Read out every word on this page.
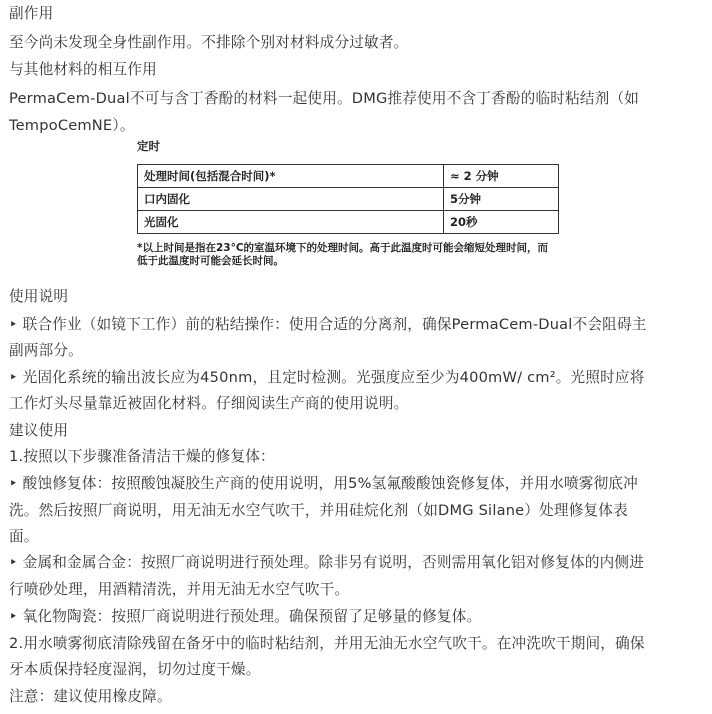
副作用
至今尚未发现全身性副作用。不排除个别对材料成分过敏者。
与其他材料的相互作用
PermaCem-Dual不可与含丁香酚的材料一起使用。DMG推荐使用不含丁香酚的临时粘结剂（如
TempoCemNE）。
定时
处理时间(包括混合时间)*	≈ 2 分钟
口内固化	5分钟
光固化	20秒
*以上时间是指在23°C的室温环境下的处理时间。高于此温度时可能会缩短处理时间，而
低于此温度时可能会延长时间。
使用说明
‣ 联合作业（如镜下工作）前的粘结操作：使用合适的分离剂，确保PermaCem-Dual不会阻碍主
副两部分。
‣ 光固化系统的输出波长应为450nm，且定时检测。光强度应至少为400mW/ cm²。光照时应将
工作灯头尽量靠近被固化材料。仔细阅读生产商的使用说明。
建议使用
1.按照以下步骤准备清洁干燥的修复体：
‣ 酸蚀修复体：按照酸蚀凝胶生产商的使用说明，用5%氢氟酸酸蚀瓷修复体，并用水喷雾彻底冲
洗。然后按照厂商说明，用无油无水空气吹干，并用硅烷化剂（如DMG Silane）处理修复体表
面。
‣ 金属和金属合金：按照厂商说明进行预处理。除非另有说明，否则需用氧化铝对修复体的内侧进
行喷砂处理，用酒精清洗，并用无油无水空气吹干。
‣ 氧化物陶瓷：按照厂商说明进行预处理。确保预留了足够量的修复体。
2.用水喷雾彻底清除残留在备牙中的临时粘结剂，并用无油无水空气吹干。在冲洗吹干期间，确保
牙本质保持轻度湿润，切勿过度干燥。
注意：建议使用橡皮障。
